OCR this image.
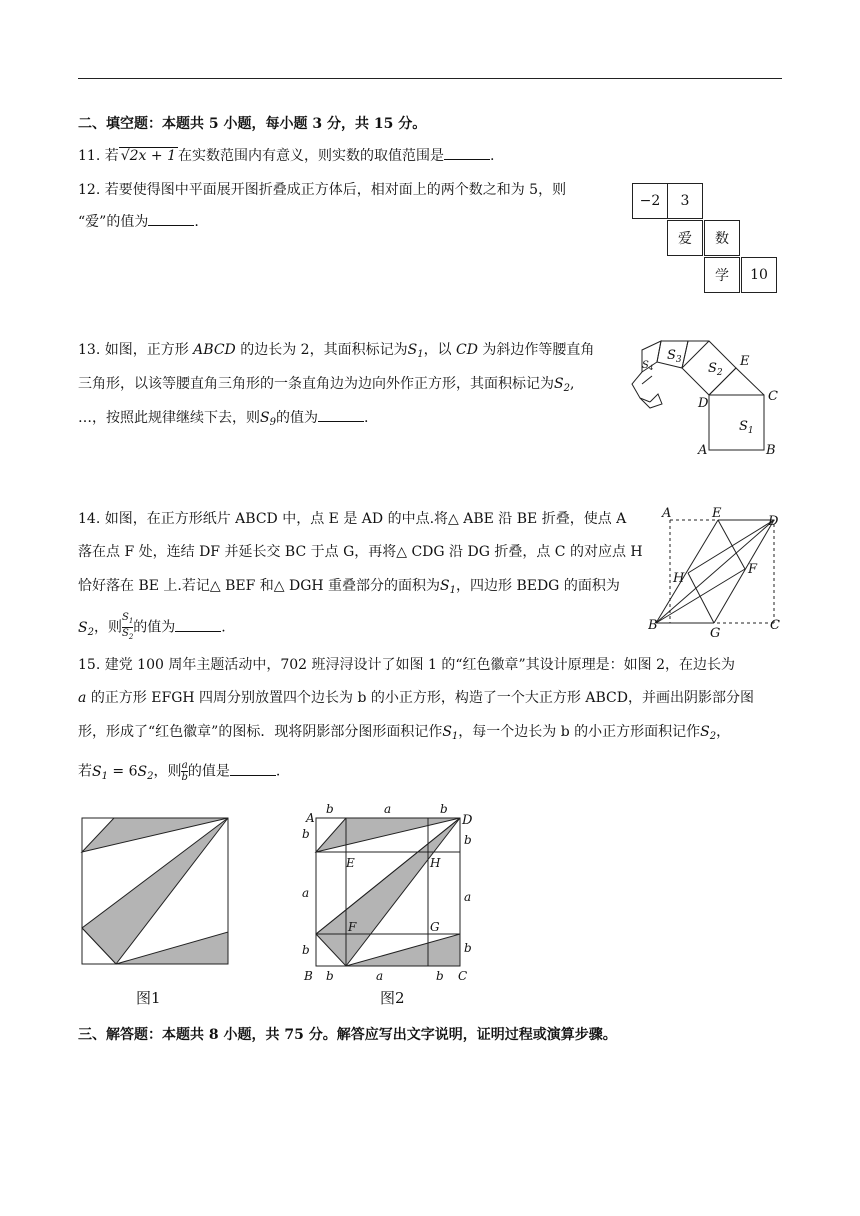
二、填空题：本题共 5 小题，每小题 3 分，共 15 分。
11. 若 √2x + 1 在实数范围内有意义，则实数的取值范围是	.
12. 若要使得图中平面展开图折叠成正方体后，相对面上的两个数之和为 5，则
“爱”的值为	.
−2	3
爱	数
学	10
13. 如图，正方形 ABCD 的边长为 2，其面积标记为$S_1$，以 CD 为斜边作等腰直角
三角形，以该等腰直角三角形的一条直角边为边向外作正方形，其面积标记为$S_2$,
…，按照此规律继续下去，则$S_9$的值为	.
$S_1$
$S_2$
$S_3$
$S_4$
D	C
E
A	B
14. 如图，在正方形纸片 ABCD 中，点 E 是 AD 的中点.将△ ABE 沿 BE 折叠，使点 A
落在点 F 处，连结 DF 并延长交 BC 于点 G，再将△ CDG 沿 DG 折叠，点 C 的对应点 H
恰好落在 BE 上.若记△ BEF 和△ DGH 重叠部分的面积为$S_1$，四边形 BEDG 的面积为
$S_2$，则 $\frac{S_1}{S_2}$ 的值为	.
A	E
D
F
H
B
G
C
15. 建党 100 周年主题活动中，702 班浔浔设计了如图 1 的“红色徽章”其设计原理是：如图 2，在边长为
a 的正方形 EFGH 四周分别放置四个边长为 b 的小正方形，构造了一个大正方形 ABCD，并画出阴影部分图
形，形成了“红色徽章”的图标．现将阴影部分图形面积记作$S_1$，每一个边长为 b 的小正方形面积记作$S_2$，
若$S_1 = 6S_2$，则 $\frac{a}{b}$ 的值是	.
图1
A	D
B	C
E	H
F	G
b	a	b
b
a
b
b
a
b
b	a	b
图2
三、解答题：本题共 8 小题，共 75 分。解答应写出文字说明，证明过程或演算步骤。
